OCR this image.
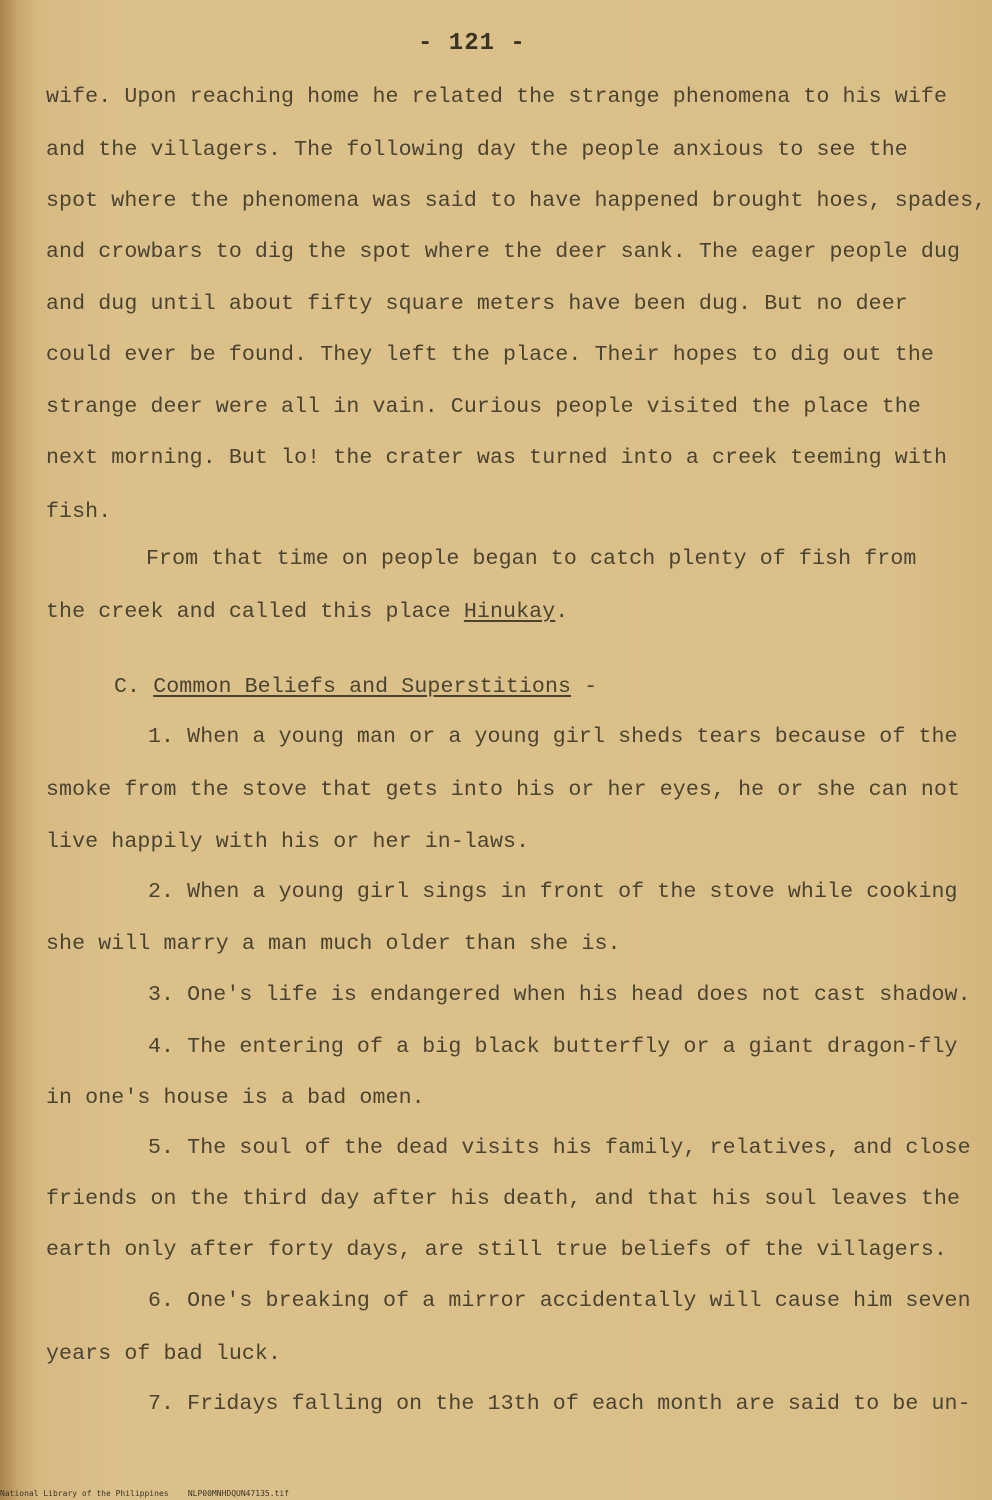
- 121 -
wife. Upon reaching home he related the strange phenomena to his wife
and the villagers. The following day the people anxious to see the
spot where the phenomena was said to have happened brought hoes, spades,
and crowbars to dig the spot where the deer sank. The eager people dug
and dug until about fifty square meters have been dug. But no deer
could ever be found. They left the place. Their hopes to dig out the
strange deer were all in vain. Curious people visited the place the
next morning. But lo! the crater was turned into a creek teeming with
fish.
From that time on people began to catch plenty of fish from
the creek and called this place Hinukay.
C. Common Beliefs and Superstitions -
1. When a young man or a young girl sheds tears because of the
smoke from the stove that gets into his or her eyes, he or she can not
live happily with his or her in-laws.
2. When a young girl sings in front of the stove while cooking
she will marry a man much older than she is.
3. One's life is endangered when his head does not cast shadow.
4. The entering of a big black butterfly or a giant dragon-fly
in one's house is a bad omen.
5. The soul of the dead visits his family, relatives, and close
friends on the third day after his death, and that his soul leaves the
earth only after forty days, are still true beliefs of the villagers.
6. One's breaking of a mirror accidentally will cause him seven
years of bad luck.
7. Fridays falling on the 13th of each month are said to be un-
National Library of the Philippines    NLP00MNHDQUN47135.tif
